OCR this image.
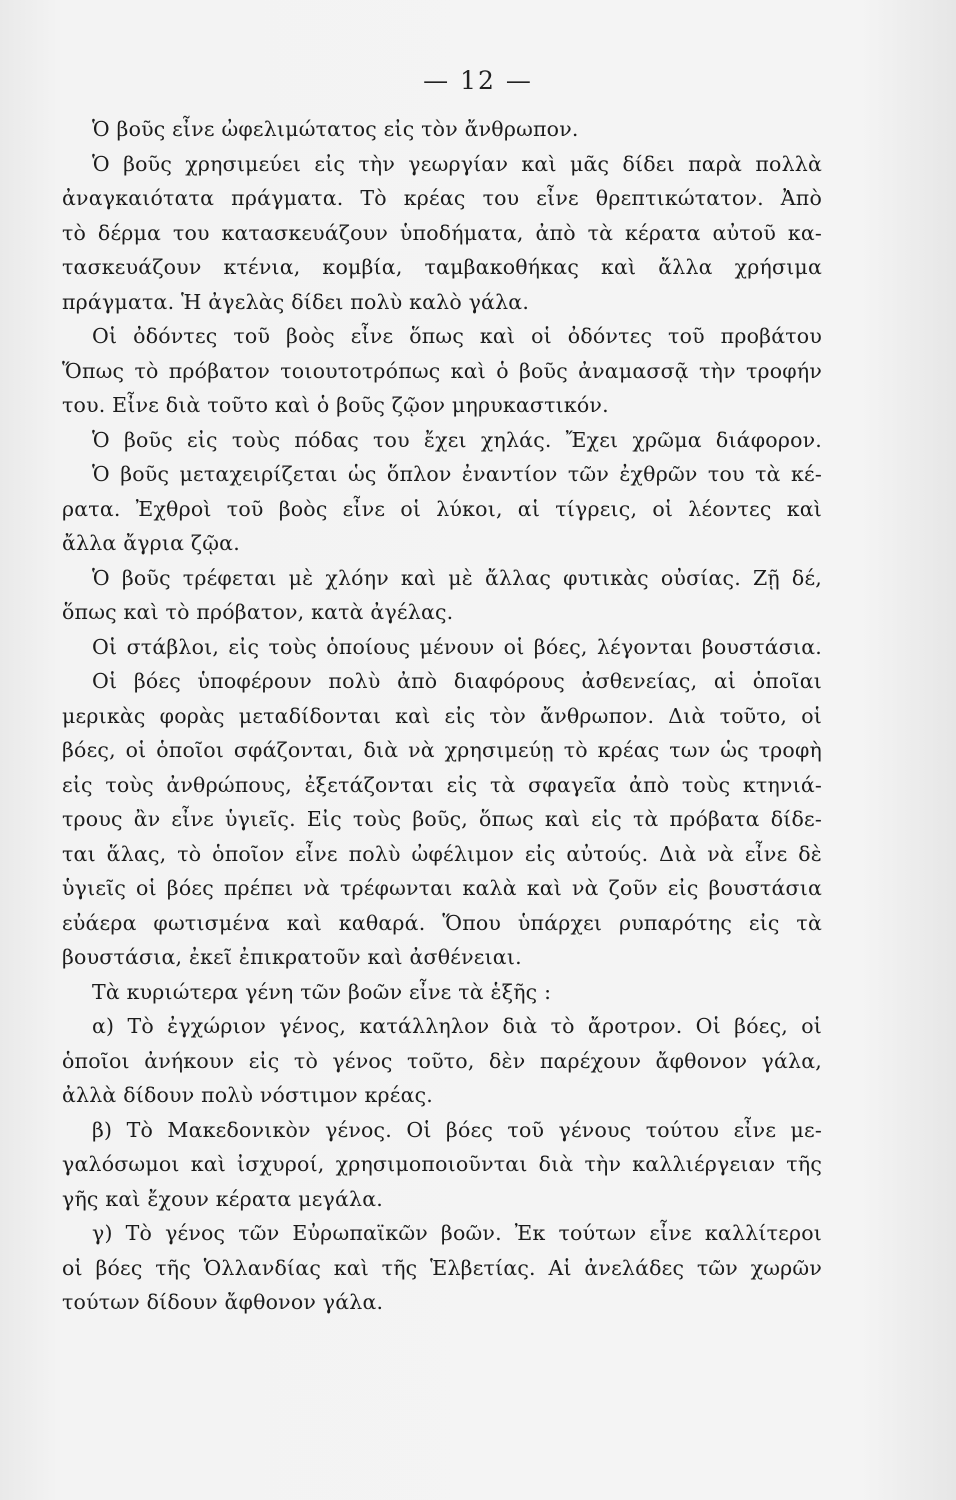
— 12 —
Ὁ βοῦς εἶνε ὠφελιμώτατος εἰς τὸν ἄνθρωπον.
Ὁ βοῦς χρησιμεύει εἰς τὴν γεωργίαν καὶ μᾶς δίδει παρὰ πολλὰ
ἀναγκαιότατα πράγματα. Τὸ κρέας του εἶνε θρεπτικώτατον. Ἀπὸ
τὸ δέρμα του κατασκευάζουν ὑποδήματα, ἀπὸ τὰ κέρατα αὐτοῦ κα-
τασκευάζουν κτένια, κομβία, ταμβακοθήκας καὶ ἄλλα χρήσιμα
πράγματα. Ἡ ἀγελὰς δίδει πολὺ καλὸ γάλα.
Οἱ ὀδόντες τοῦ βοὸς εἶνε ὅπως καὶ οἱ ὀδόντες τοῦ προβάτου
Ὅπως τὸ πρόβατον τοιουτοτρόπως καὶ ὁ βοῦς ἀναμασσᾷ τὴν τροφήν
του. Εἶνε διὰ τοῦτο καὶ ὁ βοῦς ζῷον μηρυκαστικόν.
Ὁ βοῦς εἰς τοὺς πόδας του ἔχει χηλάς. Ἔχει χρῶμα διάφορον.
Ὁ βοῦς μεταχειρίζεται ὡς ὅπλον ἐναντίον τῶν ἐχθρῶν του τὰ κέ-
ρατα. Ἐχθροὶ τοῦ βοὸς εἶνε οἱ λύκοι, αἱ τίγρεις, οἱ λέοντες καὶ
ἄλλα ἄγρια ζῷα.
Ὁ βοῦς τρέφεται μὲ χλόην καὶ μὲ ἄλλας φυτικὰς οὐσίας. Ζῇ δέ,
ὅπως καὶ τὸ πρόβατον, κατὰ ἀγέλας.
Οἱ στάβλοι, εἰς τοὺς ὁποίους μένουν οἱ βόες, λέγονται βουστάσια.
Οἱ βόες ὑποφέρουν πολὺ ἀπὸ διαφόρους ἀσθενείας, αἱ ὁποῖαι
μερικὰς φορὰς μεταδίδονται καὶ εἰς τὸν ἄνθρωπον. Διὰ τοῦτο, οἱ
βόες, οἱ ὁποῖοι σφάζονται, διὰ νὰ χρησιμεύῃ τὸ κρέας των ὡς τροφὴ
εἰς τοὺς ἀνθρώπους, ἐξετάζονται εἰς τὰ σφαγεῖα ἀπὸ τοὺς κτηνιά-
τρους ἂν εἶνε ὑγιεῖς. Εἰς τοὺς βοῦς, ὅπως καὶ εἰς τὰ πρόβατα δίδε-
ται ἅλας, τὸ ὁποῖον εἶνε πολὺ ὠφέλιμον εἰς αὐτούς. Διὰ νὰ εἶνε δὲ
ὑγιεῖς οἱ βόες πρέπει νὰ τρέφωνται καλὰ καὶ νὰ ζοῦν εἰς βουστάσια
εὐάερα φωτισμένα καὶ καθαρά. Ὅπου ὑπάρχει ρυπαρότης εἰς τὰ
βουστάσια, ἐκεῖ ἐπικρατοῦν καὶ ἀσθένειαι.
Τὰ κυριώτερα γένη τῶν βοῶν εἶνε τὰ ἑξῆς :
α) Τὸ ἐγχώριον γένος, κατάλληλον διὰ τὸ ἄροτρον. Οἱ βόες, οἱ
ὁποῖοι ἀνήκουν εἰς τὸ γένος τοῦτο, δὲν παρέχουν ἄφθονον γάλα,
ἀλλὰ δίδουν πολὺ νόστιμον κρέας.
β) Τὸ Μακεδονικὸν γένος. Οἱ βόες τοῦ γένους τούτου εἶνε με-
γαλόσωμοι καὶ ἰσχυροί, χρησιμοποιοῦνται διὰ τὴν καλλιέργειαν τῆς
γῆς καὶ ἔχουν κέρατα μεγάλα.
γ) Τὸ γένος τῶν Εὐρωπαϊκῶν βοῶν. Ἐκ τούτων εἶνε καλλίτεροι
οἱ βόες τῆς Ὁλλανδίας καὶ τῆς Ἑλβετίας. Αἱ ἀνελάδες τῶν χωρῶν
τούτων δίδουν ἄφθονον γάλα.
